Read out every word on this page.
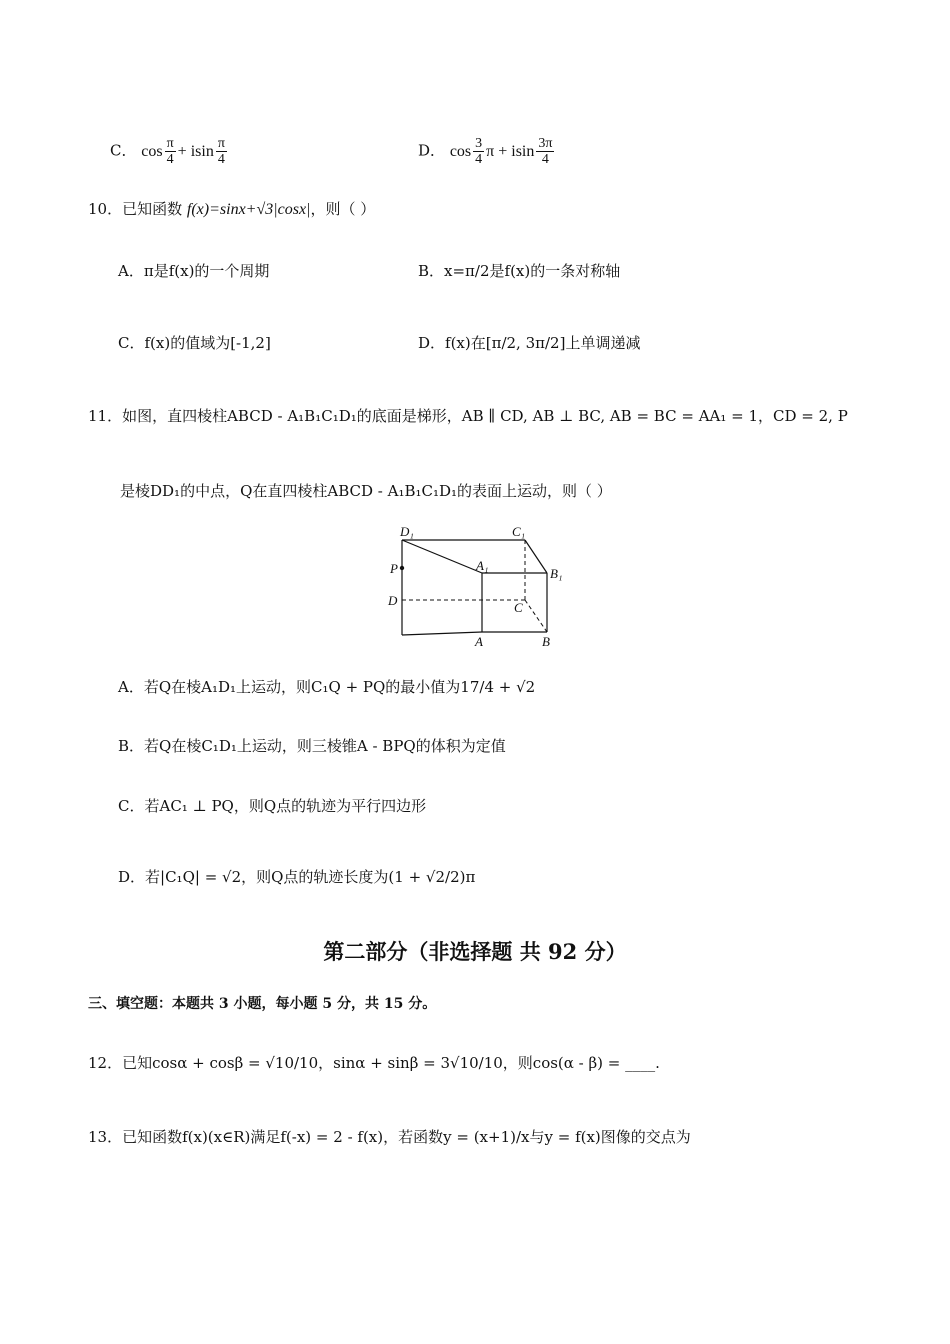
C． $\cos \frac{\pi}{4} + isin \frac{\pi}{4}$	D． $\cos \frac{3}{4}$ π + isin $\frac{3\pi}{4}$
10．已知函数 f(x)=sinx+√3|cosx|，则（ ）
A．π是f(x)的一个周期	B．x=π/2是f(x)的一条对称轴
C．f(x)的值域为[-1,2]	D．f(x)在[π/2, 3π/2]上单调递减
11．如图，直四棱柱ABCD - A₁B₁C₁D₁的底面是梯形，AB ∥ CD, AB ⊥ BC, AB = BC = AA₁ = 1，CD = 2, P
是棱DD₁的中点，Q在直四棱柱ABCD - A₁B₁C₁D₁的表面上运动，则（ ）
D₁	C₁
A₁
B₁
P
D	C
A	B
A．若Q在棱A₁D₁上运动，则C₁Q + PQ的最小值为17/4 + √2
B．若Q在棱C₁D₁上运动，则三棱锥A - BPQ的体积为定值
C．若AC₁ ⊥ PQ，则Q点的轨迹为平行四边形
D．若|C₁Q| = √2，则Q点的轨迹长度为(1 + √2/2)π
第二部分（非选择题 共 92 分）
三、填空题：本题共 3 小题，每小题 5 分，共 15 分。
12．已知cosα + cosβ = √10/10，sinα + sinβ = 3√10/10，则cos(α - β) = ____.
13．已知函数f(x)(x∈R)满足f(-x) = 2 - f(x)，若函数y = (x+1)/x与y = f(x)图像的交点为
